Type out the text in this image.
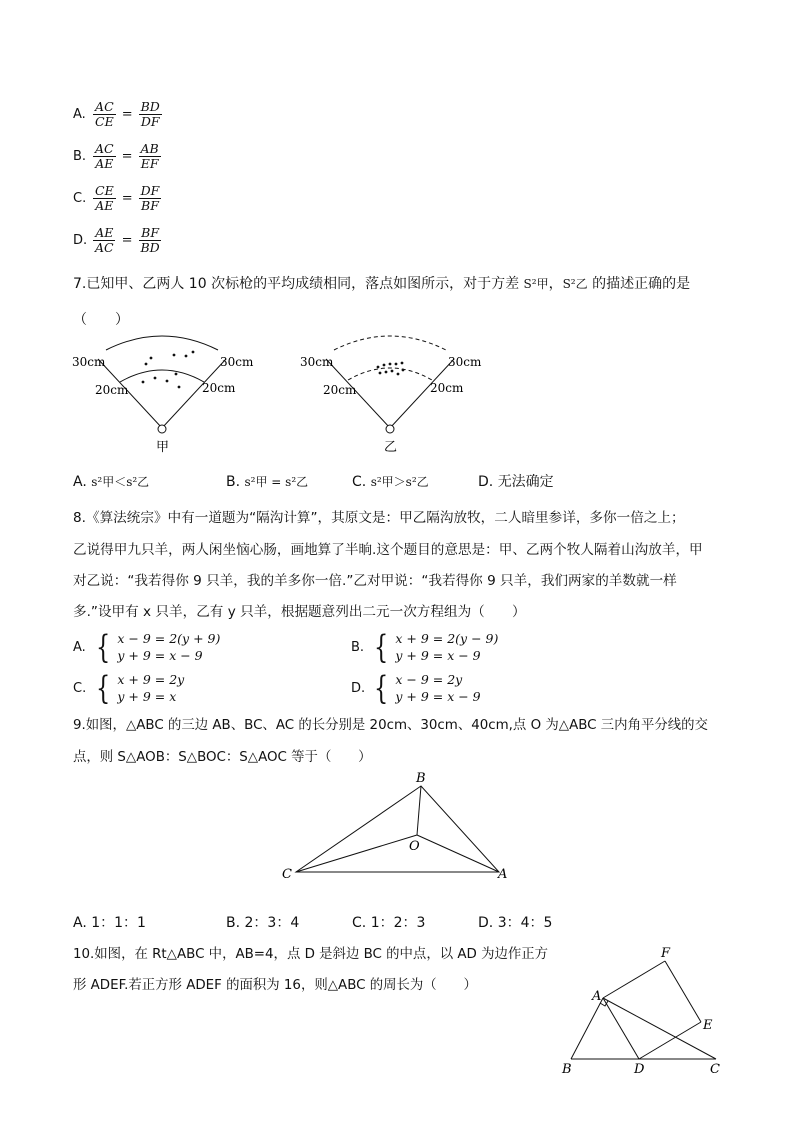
A. $\frac{AC}{CE} = \frac{BD}{DF}$
B. $\frac{AC}{AE} = \frac{AB}{EF}$
C. $\frac{CE}{AE} = \frac{DF}{BF}$
D. $\frac{AE}{AC} = \frac{BF}{BD}$
7.已知甲、乙两人 10 次标枪的平均成绩相同，落点如图所示，对于方差 S²甲，S²乙 的描述正确的是
（　　）
30cm	30cm
20cm	20cm
甲
30cm	30cm
20cm	20cm
乙
A. s²甲＜s²乙	B. s²甲 = s²乙	C. s²甲＞s²乙	D. 无法确定
8.《算法统宗》中有一道题为“隔沟计算”，其原文是：甲乙隔沟放牧，二人暗里参详，多你一倍之上；
乙说得甲九只羊，两人闲坐恼心肠，画地算了半晌.这个题目的意思是：甲、乙两个牧人隔着山沟放羊，甲
对乙说：“我若得你 9 只羊，我的羊多你一倍.”乙对甲说：“我若得你 9 只羊，我们两家的羊数就一样
多.”设甲有 x 只羊，乙有 y 只羊，根据题意列出二元一次方程组为（　　）
A. { x − 9 = 2(y + 9)
y + 9 = x − 9
B. { x + 9 = 2(y − 9)
y + 9 = x − 9
C. { x + 9 = 2y
y + 9 = x
D. { x − 9 = 2y
y + 9 = x − 9
9.如图，△ABC 的三边 AB、BC、AC 的长分别是 20cm、30cm、40cm,点 O 为△ABC 三内角平分线的交
点，则 S△AOB：S△BOC：S△AOC 等于（　　）
B
O
C	A
A. 1：1：1	B. 2：3：4	C. 1：2：3	D. 3：4：5
10.如图，在 Rt△ABC 中，AB=4，点 D 是斜边 BC 的中点，以 AD 为边作正方
形 ADEF.若正方形 ADEF 的面积为 16，则△ABC 的周长为（　　）
F
A
E
B	D	C
